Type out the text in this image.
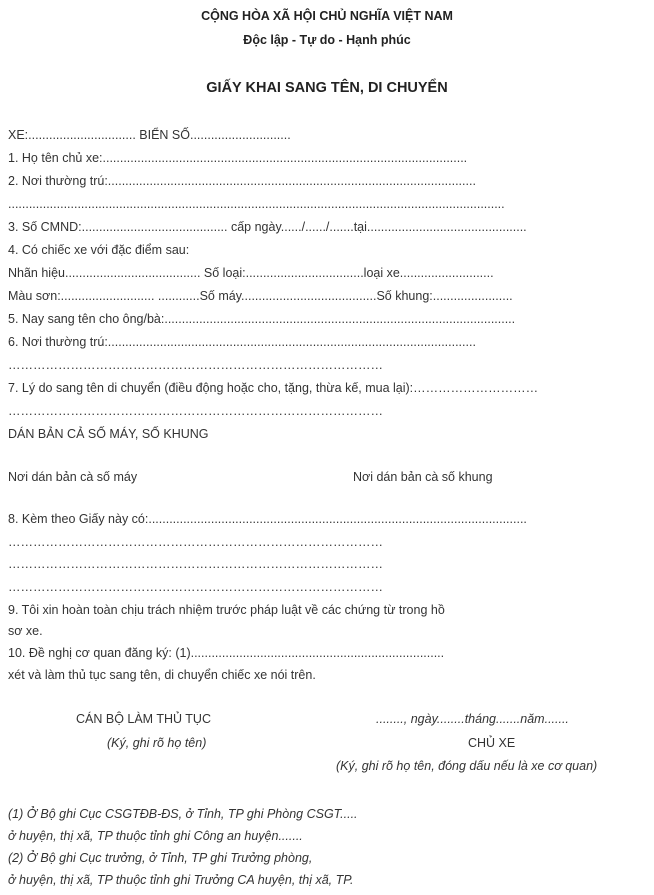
CỘNG HÒA XÃ HỘI CHỦ NGHĨA VIỆT NAM
Độc lập - Tự do - Hạnh phúc
GIẤY KHAI SANG TÊN, DI CHUYỂN
XE:............................... BIỂN SỐ.............................
1. Họ tên chủ xe:.........................................................................................................
2. Nơi thường trú:..........................................................................................................
...............................................................................................................................................
3. Số CMND:.......................................... cấp ngày....../....../.......tại..............................................
4. Có chiếc xe với đặc điểm sau:
Nhãn hiệu....................................... Số loại:..................................loại xe...........................
Màu sơn:........................... ............Số máy.......................................Số khung:.......................
5. Nay sang tên cho ông/bà:.....................................................................................................
6. Nơi thường trú:..........................................................................................................
………………………………………………………………………………
7. Lý do sang tên di chuyển (điều động hoặc cho, tặng, thừa kế, mua lại):…………………………
………………………………………………………………………………
DÁN BẢN CẢ SỐ MÁY, SỐ KHUNG
Nơi dán bản cà số máy	Nơi dán bản cà số khung
8. Kèm theo Giấy này có:.............................................................................................................
………………………………………………………………………………
………………………………………………………………………………
………………………………………………………………………………
9. Tôi xin hoàn toàn chịu trách nhiệm trước pháp luật về các chứng từ trong hồ
sơ xe.
10. Đề nghị cơ quan đăng ký: (1).........................................................................
xét và làm thủ tục sang tên, di chuyển chiếc xe nói trên.
CÁN BỘ LÀM THỦ TỤC
(Ký, ghi rõ họ tên)
........, ngày........tháng.......năm.......
CHỦ XE
(Ký, ghi rõ họ tên, đóng dấu nếu là xe cơ quan)
(1) Ở Bộ ghi Cục CSGTĐB-ĐS, ở Tỉnh, TP ghi Phòng CSGT.....
ở huyện, thị xã, TP thuộc tỉnh ghi Công an huyện.......
(2) Ở Bộ ghi Cục trưởng, ở Tỉnh, TP ghi Trưởng phòng,
ở huyện, thị xã, TP thuộc tỉnh ghi Trưởng CA huyện, thị xã, TP.
